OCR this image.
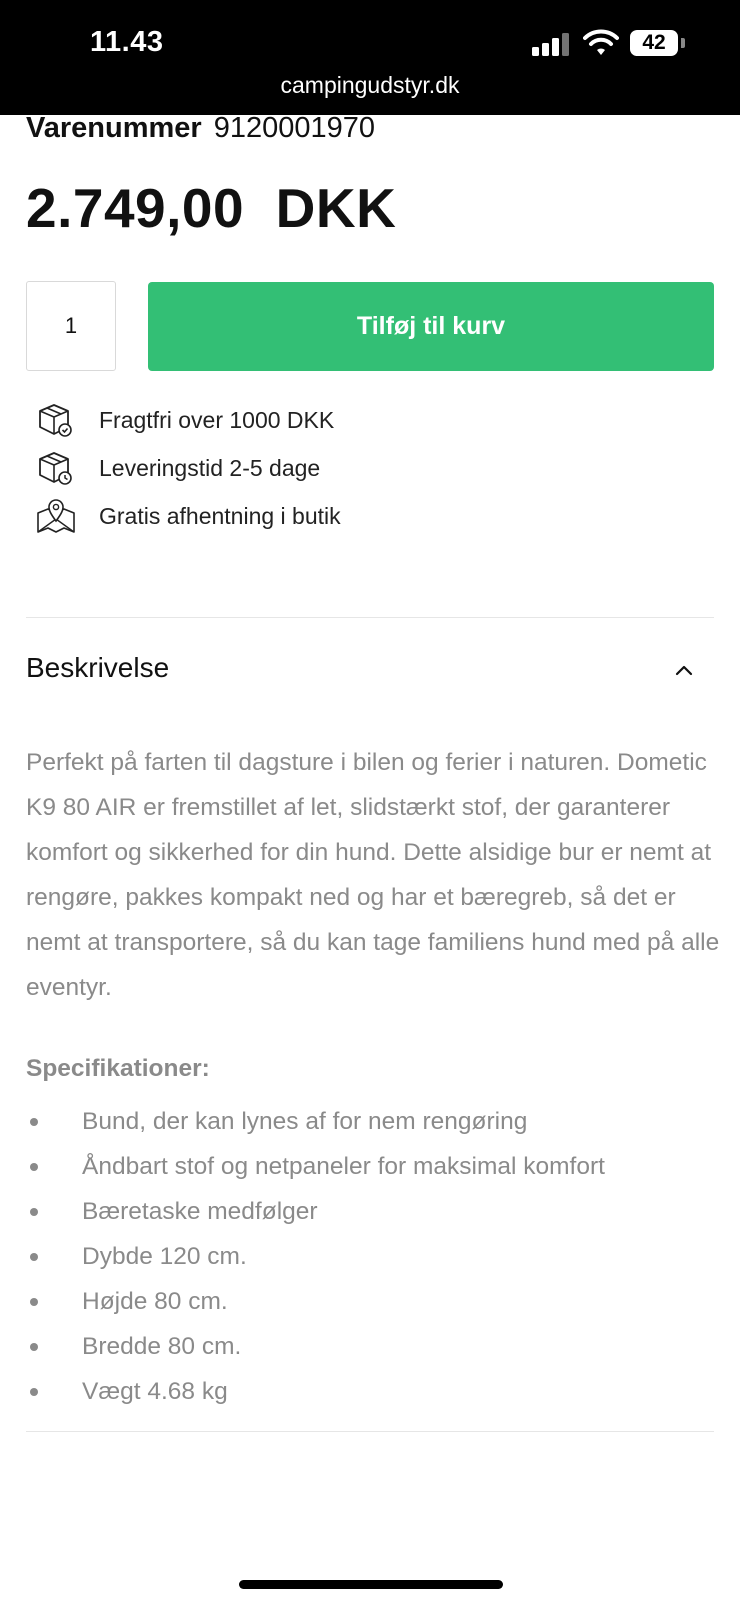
11.43	42
campingudstyr.dk
Varenummer 9120001970
2.749,00  DKK
1	Tilføj til kurv
Fragtfri over 1000 DKK
Leveringstid 2-5 dage
Gratis afhentning i butik
Beskrivelse
Perfekt på farten til dagsture i bilen og ferier i naturen. Dometic K9 80 AIR er fremstillet af let, slidstærkt stof, der garanterer komfort og sikkerhed for din hund. Dette alsidige bur er nemt at rengøre, pakkes kompakt ned og har et bæregreb, så det er nemt at transportere, så du kan tage familiens hund med på alle eventyr.
Specifikationer:
Bund, der kan lynes af for nem rengøring
Åndbart stof og netpaneler for maksimal komfort
Bæretaske medfølger
Dybde 120 cm.
Højde 80 cm.
Bredde 80 cm.
Vægt 4.68 kg
